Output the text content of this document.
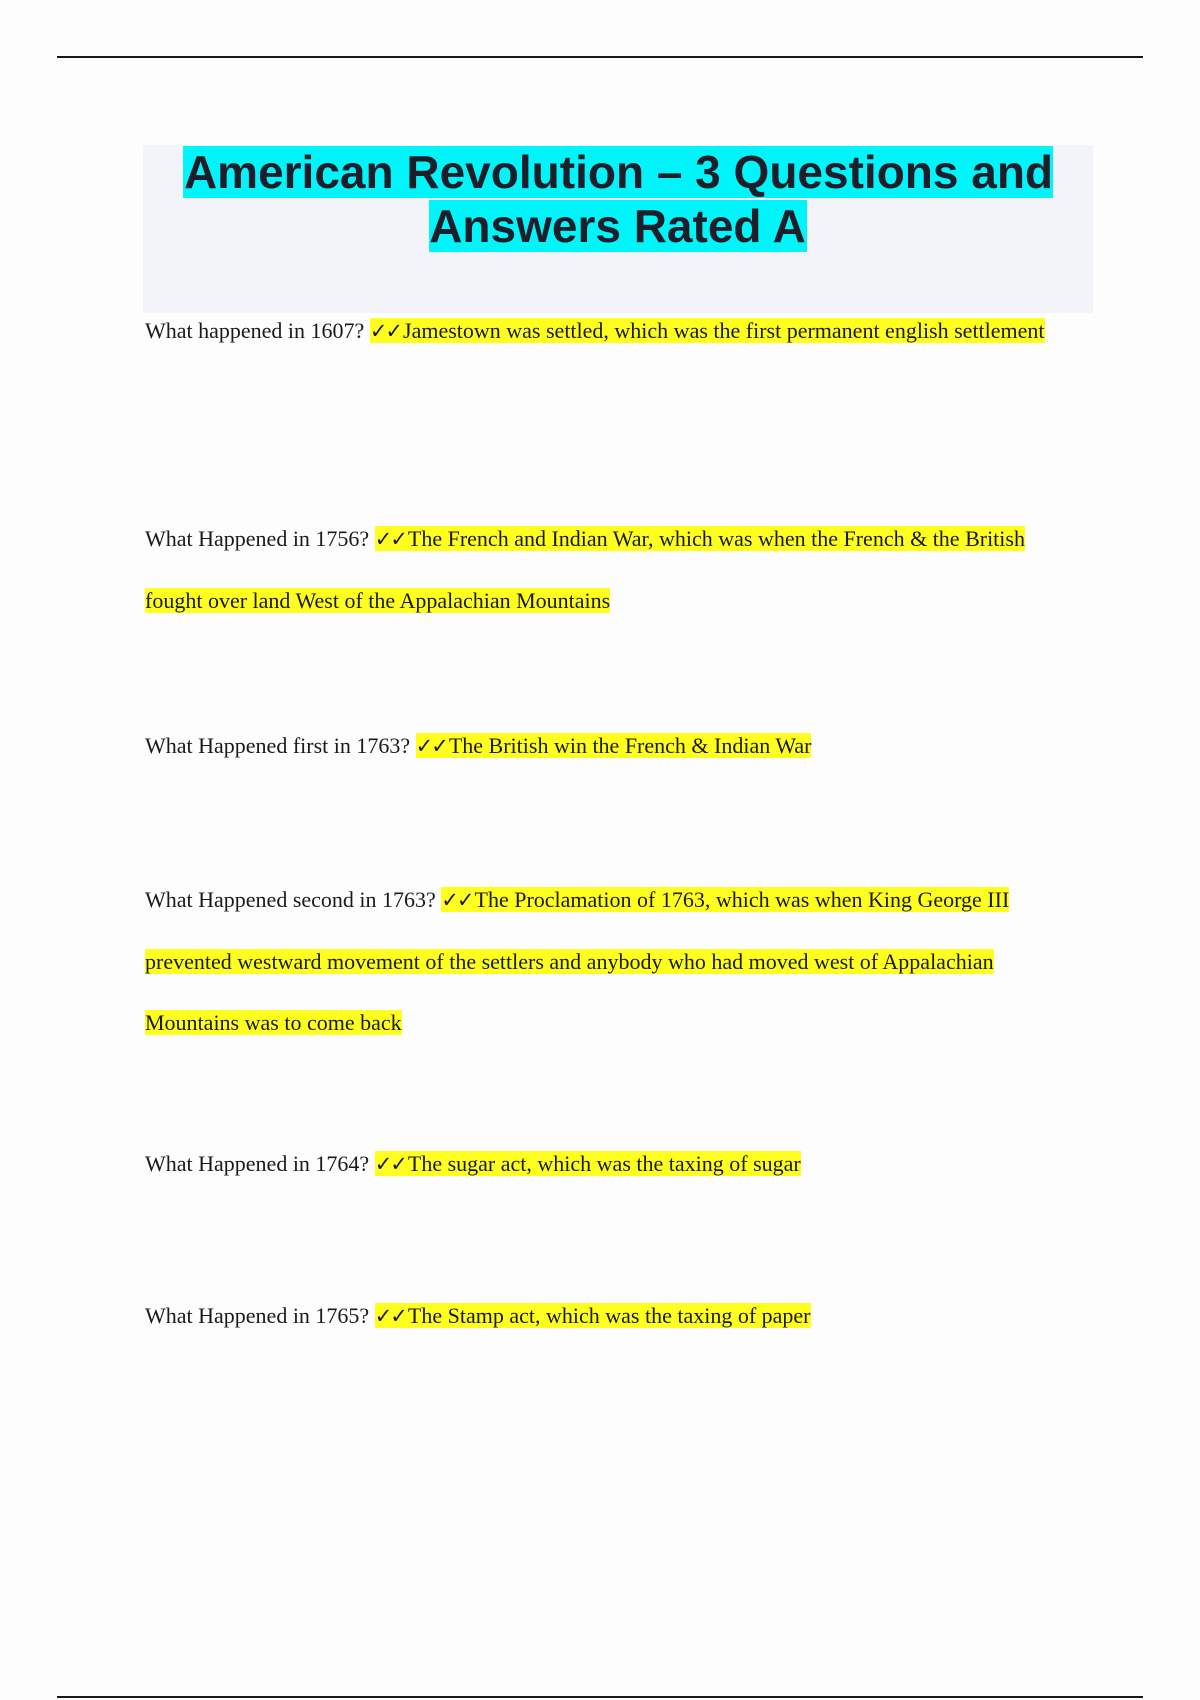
American Revolution – 3 Questions and Answers Rated A

What happened in 1607? ✓✓Jamestown was settled, which was the first permanent english settlement

What Happened in 1756? ✓✓The French and Indian War, which was when the French & the British fought over land West of the Appalachian Mountains

What Happened first in 1763? ✓✓The British win the French & Indian War

What Happened second in 1763? ✓✓The Proclamation of 1763, which was when King George III prevented westward movement of the settlers and anybody who had moved west of Appalachian Mountains was to come back

What Happened in 1764? ✓✓The sugar act, which was the taxing of sugar

What Happened in 1765? ✓✓The Stamp act, which was the taxing of paper
